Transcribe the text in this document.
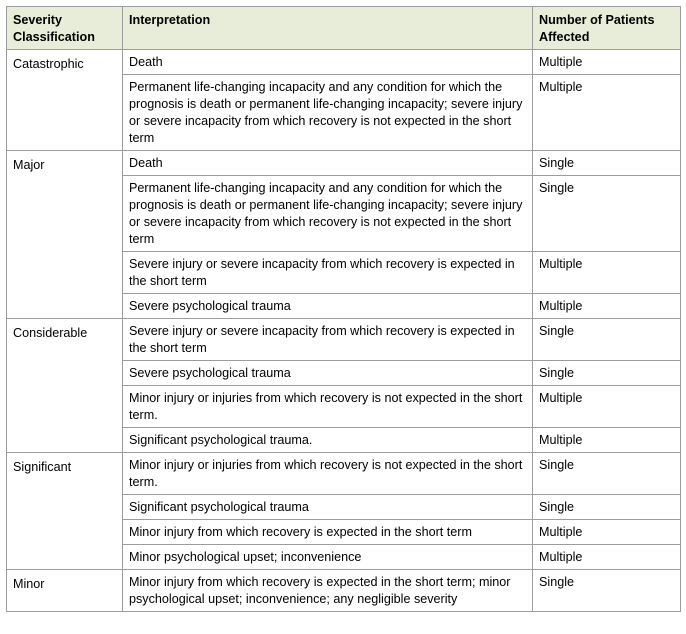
Severity Classification	Interpretation	Number of Patients Affected
Catastrophic	Death	Multiple
	Permanent life-changing incapacity and any condition for which the prognosis is death or permanent life-changing incapacity; severe injury or severe incapacity from which recovery is not expected in the short term	Multiple
Major	Death	Single
	Permanent life-changing incapacity and any condition for which the prognosis is death or permanent life-changing incapacity; severe injury or severe incapacity from which recovery is not expected in the short term	Single
	Severe injury or severe incapacity from which recovery is expected in the short term	Multiple
	Severe psychological trauma	Multiple
Considerable	Severe injury or severe incapacity from which recovery is expected in the short term	Single
	Severe psychological trauma	Single
	Minor injury or injuries from which recovery is not expected in the short term.	Multiple
	Significant psychological trauma.	Multiple
Significant	Minor injury or injuries from which recovery is not expected in the short term.	Single
	Significant psychological trauma	Single
	Minor injury from which recovery is expected in the short term	Multiple
	Minor psychological upset; inconvenience	Multiple
Minor	Minor injury from which recovery is expected in the short term; minor psychological upset; inconvenience; any negligible severity	Single
